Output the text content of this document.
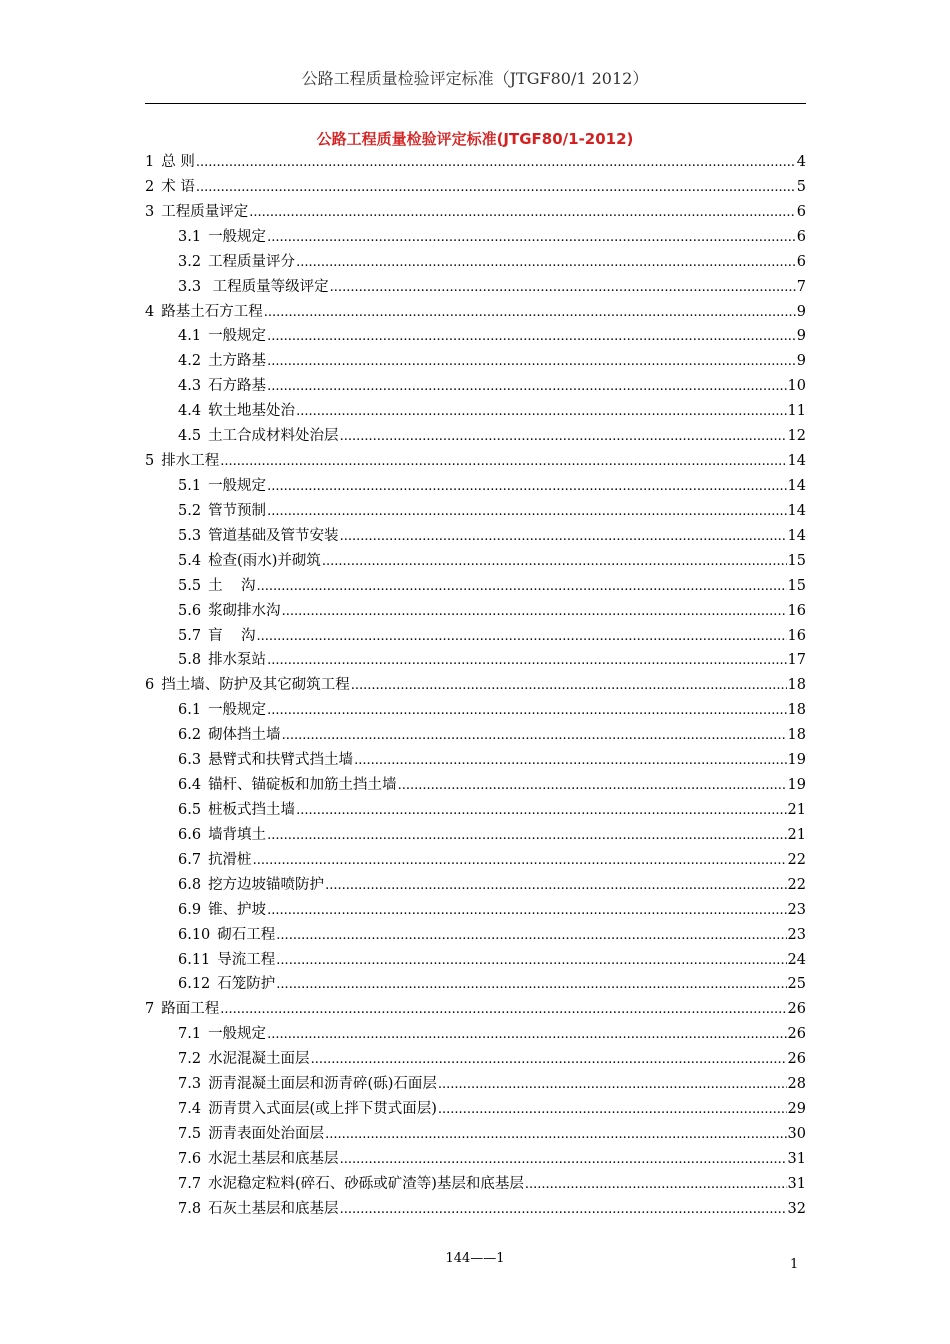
公路工程质量检验评定标准（JTGF80/1 2012）
公路工程质量检验评定标准(JTGF80/1-2012)
1 总 则 .....	4
2 术 语 .....	5
3 工程质量评定 .....	6
3.1 一般规定 .....	6
3.2 工程质量评分 .....	6
3.3 工程质量等级评定 .....	7
4 路基土石方工程 .....	9
4.1 一般规定 .....	9
4.2 土方路基 .....	9
4.3 石方路基 .....	10
4.4 软土地基处治 .....	11
4.5 土工合成材料处治层 .....	12
5 排水工程 .....	14
5.1 一般规定 .....	14
5.2 管节预制 .....	14
5.3 管道基础及管节安装 .....	14
5.4 检查(雨水)并砌筑 .....	15
5.5 土    沟 .....	15
5.6 浆砌排水沟 .....	16
5.7 盲    沟 .....	16
5.8 排水泵站 .....	17
6 挡土墙、防护及其它砌筑工程 .....	18
6.1 一般规定 .....	18
6.2 砌体挡土墙 .....	18
6.3 悬臂式和扶臂式挡土墙 .....	19
6.4 锚杆、锚碇板和加筋土挡土墙 .....	19
6.5 桩板式挡土墙 .....	21
6.6 墙背填土 .....	21
6.7 抗滑桩 .....	22
6.8 挖方边坡锚喷防护 .....	22
6.9 锥、护坡 .....	23
6.10 砌石工程 .....	23
6.11 导流工程 .....	24
6.12 石笼防护 .....	25
7 路面工程 .....	26
7.1 一般规定 .....	26
7.2 水泥混凝土面层 .....	26
7.3 沥青混凝土面层和沥青碎(砾)石面层 .....	28
7.4 沥青贯入式面层(或上拌下贯式面层) .....	29
7.5 沥青表面处治面层 .....	30
7.6 水泥土基层和底基层 .....	31
7.7 水泥稳定粒料(碎石、砂砾或矿渣等)基层和底基层 .....	31
7.8 石灰土基层和底基层 .....	32
144——1	1
